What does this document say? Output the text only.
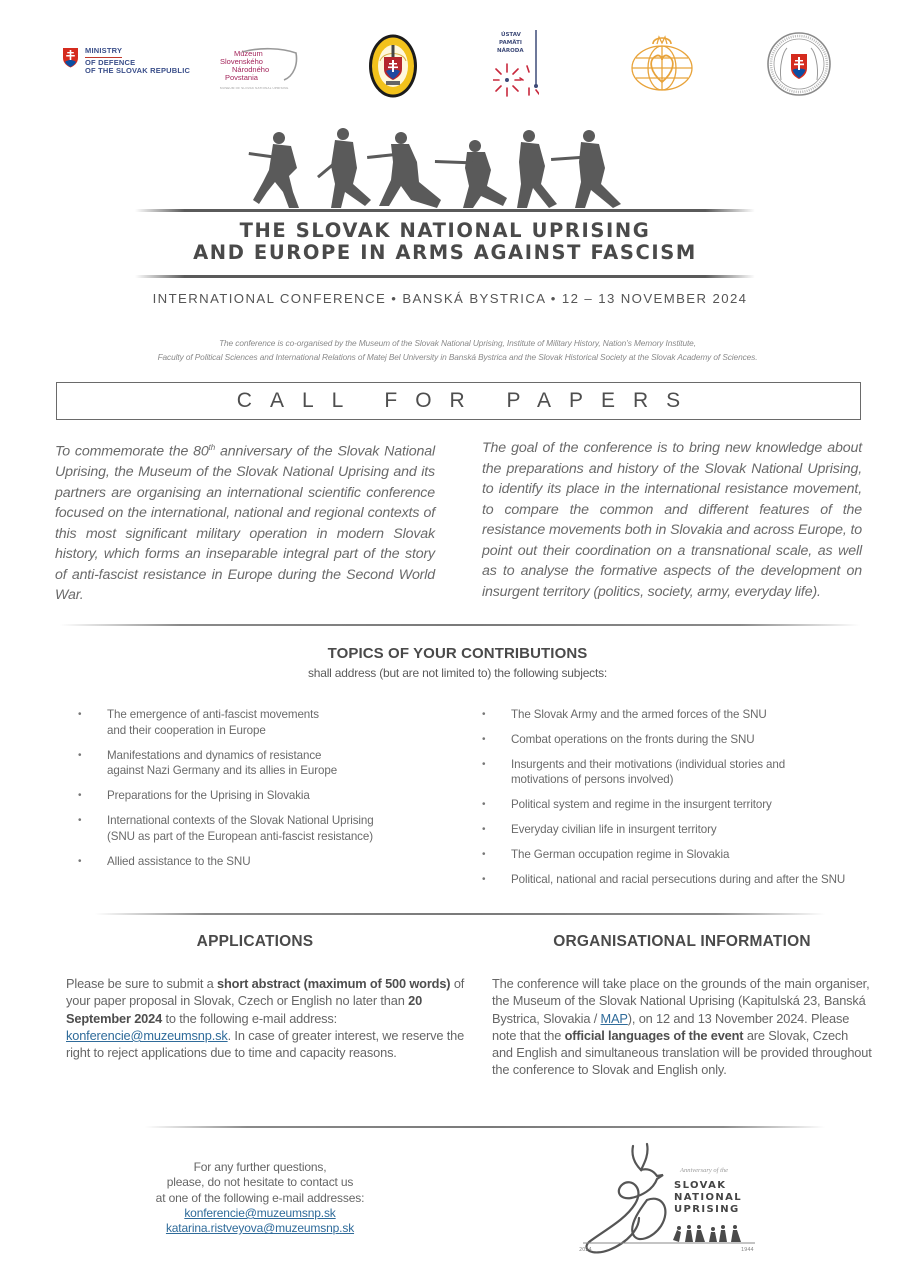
MINISTRY
OF DEFENCE
OF THE SLOVAK REPUBLIC
Múzeum
Slovenského
Národného
Povstania
MUSEUM OF SLOVAK NATIONAL UPRISING
ÚSTAV
PAMÄTI
NÁRODA
THE SLOVAK NATIONAL UPRISING
AND EUROPE IN ARMS AGAINST FASCISM
INTERNATIONAL CONFERENCE • BANSKÁ BYSTRICA • 12 – 13 NOVEMBER 2024
The conference is co-organised by the Museum of the Slovak National Uprising, Institute of Military History, Nation’s Memory Institute,
Faculty of Political Sciences and International Relations of Matej Bel University in Banská Bystrica and the Slovak Historical Society at the Slovak Academy of Sciences.
CALL FOR PAPERS

To commemorate the 80th anniversary of the Slovak National Uprising, the Museum of the Slovak National Uprising and its partners are organising an international scientific conference focused on the international, national and regional contexts of this most significant military operation in modern Slovak history, which forms an inseparable integral part of the story of anti-fascist resistance in Europe during the Second World War.

The goal of the conference is to bring new knowledge about the preparations and history of the Slovak National Uprising, to identify its place in the international resistance movement, to compare the common and different features of the resistance movements both in Slovakia and across Europe, to point out their coordination on a transnational scale, as well as to analyse the formative aspects of the development on insurgent territory (politics, society, army, everyday life).

TOPICS OF YOUR CONTRIBUTIONS
shall address (but are not limited to) the following subjects:
• The emergence of anti-fascist movements
and their cooperation in Europe
• Manifestations and dynamics of resistance
against Nazi Germany and its allies in Europe
• Preparations for the Uprising in Slovakia
• International contexts of the Slovak National Uprising
(SNU as part of the European anti-fascist resistance)
• Allied assistance to the SNU
• The Slovak Army and the armed forces of the SNU
• Combat operations on the fronts during the SNU
• Insurgents and their motivations (individual stories and
motivations of persons involved)
• Political system and regime in the insurgent territory
• Everyday civilian life in insurgent territory
• The German occupation regime in Slovakia
• Political, national and racial persecutions during and after the SNU
APPLICATIONS	ORGANISATIONAL INFORMATION

Please be sure to submit a short abstract (maximum of 500 words) of your paper proposal in Slovak, Czech or English no later than 20 September 2024 to the following e-mail address: konferencie@muzeumsnp.sk. In case of greater interest, we reserve the right to reject applications due to time and capacity reasons.

The conference will take place on the grounds of the main organiser, the Museum of the Slovak National Uprising (Kapitulská 23, Banská Bystrica, Slovakia / MAP), on 12 and 13 November 2024. Please note that the official languages of the event are Slovak, Czech and English and simultaneous translation will be provided throughout the conference to Slovak and English only.

For any further questions,
please, do not hesitate to contact us
at one of the following e-mail addresses:
konferencie@muzeumsnp.sk
katarina.ristveyova@muzeumsnp.sk
Anniversary of the
SLOVAK
NATIONAL
UPRISING
2024	1944
